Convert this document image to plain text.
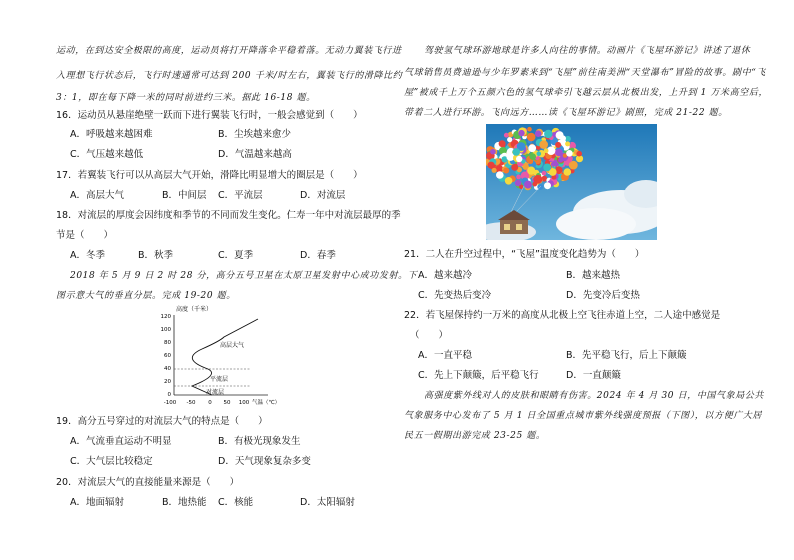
运动，在到达安全极限的高度，运动员将打开降落伞平稳着落。无动力翼装飞行进
入理想飞行状态后，飞行时速通常可达到 200 千米/时左右，翼装飞行的滑降比约
3：1，即在每下降一米的同时前进约三米。据此 16-18 题。
16．运动员从悬崖绝壁一跃而下进行翼装飞行时，一般会感觉到（　　）
A．呼吸越来越困难	B．尘埃越来愈少
C．气压越来越低	D．气温越来越高
17．若翼装飞行可以从高层大气开始，滑降比明显增大的圈层是（　　）
A．高层大气	B．中间层 C．平流层	D．对流层
18．对流层的厚度会因纬度和季节的不同而发生变化。仁寿一年中对流层最厚的季
节是（　　）
A．冬季	B．秋季	C．夏季	D．春季
2018 年 5 月 9 日 2 时 28 分，高分五号卫星在太原卫星发射中心成功发射。下
图示意大气的垂直分层。完成 19-20 题。
高度（千米）
120
100
80
60
40
20
0
高层大气
平流层
对流层
-100 -50 0 50 100 气温（℃）
19．高分五号穿过的对流层大气的特点是（　　）
A．气流垂直运动不明显	B．有极光现象发生
C．大气层比较稳定	D．天气现象复杂多变
20．对流层大气的直接能量来源是（　　）
A．地面辐射	B．地热能 C．核能	D．太阳辐射
驾驶氢气球环游地球是许多人向往的事情。动画片《飞屋环游记》讲述了退休
气球销售员费迪逊与少年罗素来到“飞屋”前往南美洲“天堂瀑布”冒险的故事。剧中“飞
屋”被成千上万个五颜六色的氢气球牵引飞越云层从北极出发，上升到 1 万米高空后，
带着二人进行环游。飞向远方……读《飞屋环游记》剧照，完成 21-22 题。
21．二人在升空过程中，“飞屋”温度变化趋势为（　　）
A．越来越冷	B．越来越热
C．先变热后变冷	D．先变冷后变热
22．若飞屋保持约一万米的高度从北极上空飞往赤道上空，二人途中感觉是
（　　）
A．一直平稳	B．先平稳飞行，后上下颠簸
C．先上下颠簸，后平稳飞行	D．一直颠簸
高强度紫外线对人的皮肤和眼睛有伤害。2024 年 4 月 30 日，中国气象局公共
气象服务中心发布了 5 月 1 日全国重点城市紫外线强度预报（下图），以方便广大居
民五一假期出游完成 23-25 题。
